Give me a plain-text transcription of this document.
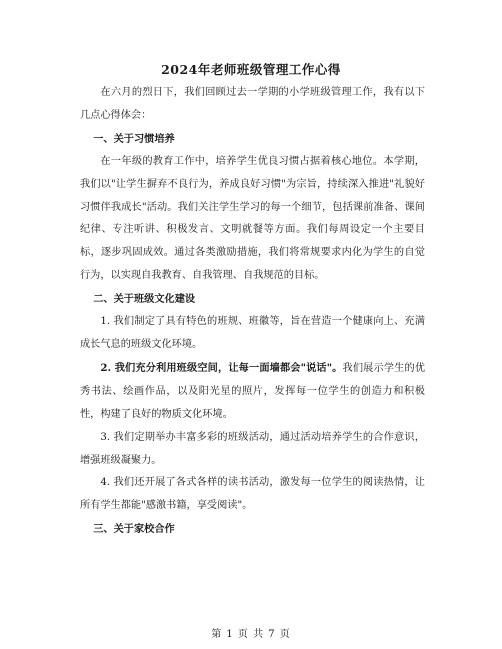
2024年老师班级管理工作心得

在六月的烈日下，我们回顾过去一学期的小学班级管理工作，我有以下几点心得体会：

一、关于习惯培养

在一年级的教育工作中，培养学生优良习惯占据着核心地位。本学期，我们以"让学生摒弃不良行为，养成良好习惯"为宗旨，持续深入推进"礼貌好习惯伴我成长"活动。我们关注学生学习的每一个细节，包括课前准备、课间纪律、专注听讲、积极发言、文明就餐等方面。我们每周设定一个主要目标，逐步巩固成效。通过各类激励措施，我们将常规要求内化为学生的自觉行为，以实现自我教育、自我管理、自我规范的目标。

二、关于班级文化建设

1. 我们制定了具有特色的班规、班徽等，旨在营造一个健康向上、充满成长气息的班级文化环境。

2. 我们充分利用班级空间，让每一面墙都会"说话"。我们展示学生的优秀书法、绘画作品，以及阳光星的照片，发挥每一位学生的创造力和积极性，构建了良好的物质文化环境。

3. 我们定期举办丰富多彩的班级活动，通过活动培养学生的合作意识，增强班级凝聚力。

4. 我们还开展了各式各样的读书活动，激发每一位学生的阅读热情，让所有学生都能"感激书籍，享受阅读"。

三、关于家校合作

第 1 页 共 7 页
